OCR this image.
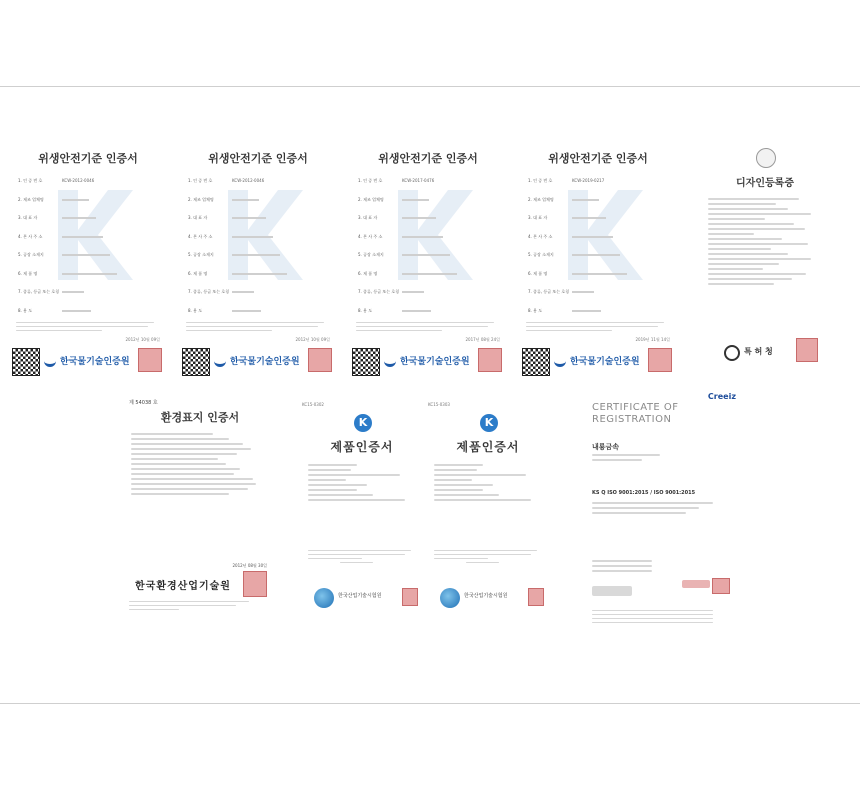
위생안전기준 인증서
1. 인 증 번 호	KCW-2012-0046
2. 제조 업체명
3. 대 표 자
4. 본 사 주 소
5. 공장 소재지
6. 제 품 명
7. 종류, 등급 또는 호칭
8. 용 도
2012년 10월 09일
한국물기술인증원
위생안전기준 인증서
1. 인 증 번 호	KCW-2012-0046
2. 제조 업체명
3. 대 표 자
4. 본 사 주 소
5. 공장 소재지
6. 제 품 명
7. 종류, 등급 또는 호칭
8. 용 도
2012년 10월 09일
한국물기술인증원
위생안전기준 인증서
1. 인 증 번 호	KCW-2017-0476
2. 제조 업체명
3. 대 표 자
4. 본 사 주 소
5. 공장 소재지
6. 제 품 명
7. 종류, 등급 또는 호칭
8. 용 도
2017년 08월 24일
한국물기술인증원
위생안전기준 인증서
1. 인 증 번 호	KCW-2019-0217
2. 제조 업체명
3. 대 표 자
4. 본 사 주 소
5. 공장 소재지
6. 제 품 명
7. 종류, 등급 또는 호칭
8. 용 도
2019년 11월 14일
한국물기술인증원
디자인등록증
특 허 청
제 54038 호
환경표지 인증서
2012년 08월 30일
한국환경산업기술원
KC15-0302
K
제품인증서
한국산업기술시험원
KC15-0303
K
제품인증서
한국산업기술시험원
Creeiz
CERTIFICATE OF
REGISTRATION
내룡금속
KS Q ISO 9001:2015 / ISO 9001:2015
